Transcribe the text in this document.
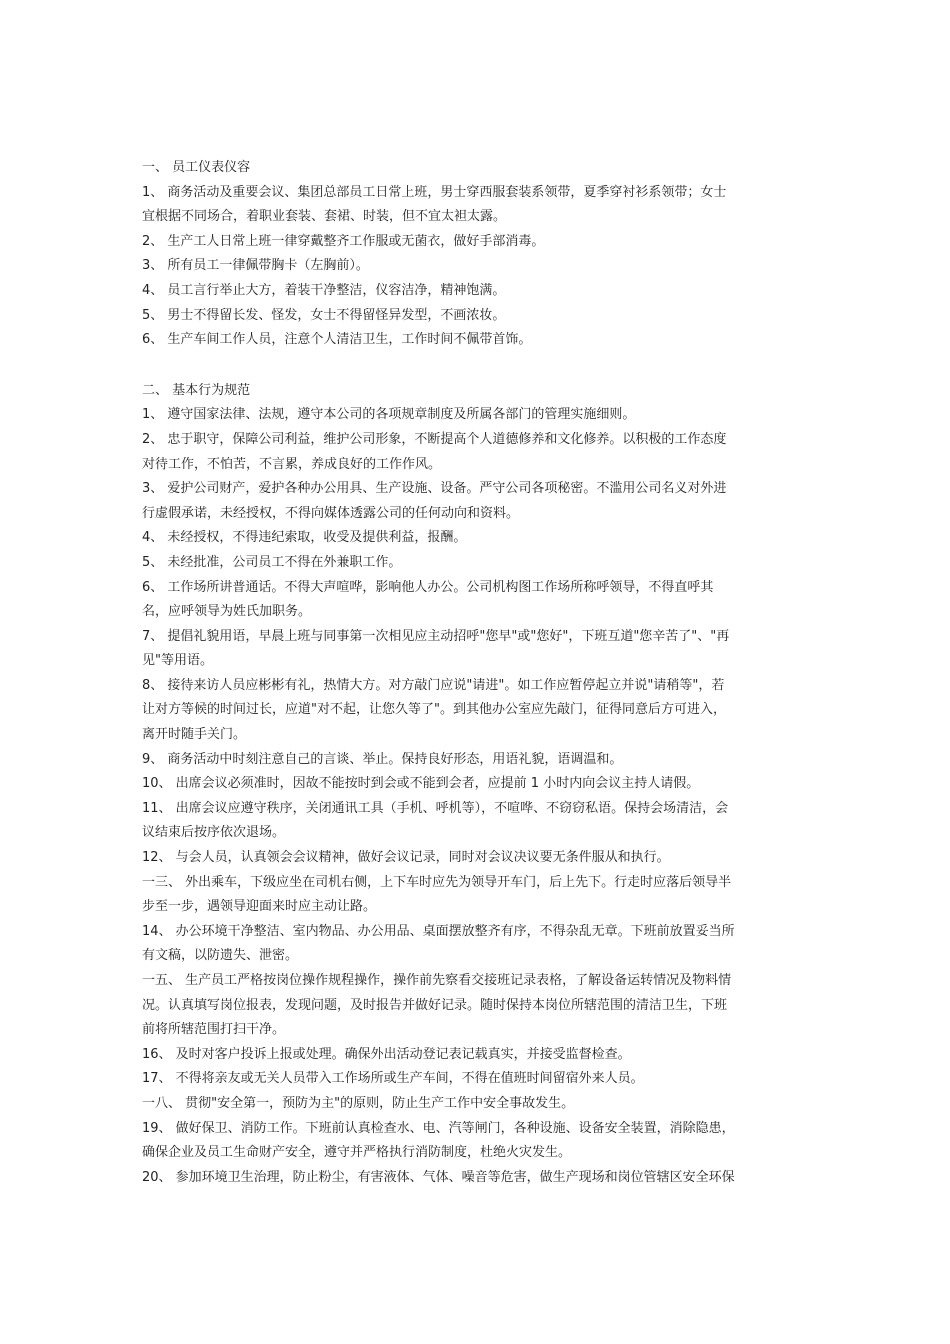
一、 员工仪表仪容
1、 商务活动及重要会议、集团总部员工日常上班，男士穿西服套装系领带，夏季穿衬衫系领带；女士
宜根据不同场合，着职业套装、套裙、时装，但不宜太袒太露。
2、 生产工人日常上班一律穿戴整齐工作服或无菌衣，做好手部消毒。
3、 所有员工一律佩带胸卡（左胸前）。
4、 员工言行举止大方，着装干净整洁，仪容洁净，精神饱满。
5、 男士不得留长发、怪发，女士不得留怪异发型，不画浓妆。
6、 生产车间工作人员，注意个人清洁卫生，工作时间不佩带首饰。
二、 基本行为规范
1、 遵守国家法律、法规，遵守本公司的各项规章制度及所属各部门的管理实施细则。
2、 忠于职守，保障公司利益，维护公司形象，不断提高个人道德修养和文化修养。以积极的工作态度
对待工作，不怕苦，不言累，养成良好的工作作风。
3、 爱护公司财产，爱护各种办公用具、生产设施、设备。严守公司各项秘密。不滥用公司名义对外进
行虚假承诺，未经授权，不得向媒体透露公司的任何动向和资料。
4、 未经授权，不得违纪索取，收受及提供利益，报酬。
5、 未经批准，公司员工不得在外兼职工作。
6、 工作场所讲普通话。不得大声喧哗，影响他人办公。公司机构图工作场所称呼领导，不得直呼其
名，应呼领导为姓氏加职务。
7、 提倡礼貌用语，早晨上班与同事第一次相见应主动招呼"您早"或"您好"，下班互道"您辛苦了"、"再
见"等用语。
8、 接待来访人员应彬彬有礼，热情大方。对方敲门应说"请进"。如工作应暂停起立并说"请稍等"，若
让对方等候的时间过长，应道"对不起，让您久等了"。到其他办公室应先敲门，征得同意后方可进入，
离开时随手关门。
9、 商务活动中时刻注意自己的言谈、举止。保持良好形态，用语礼貌，语调温和。
10、 出席会议必须准时，因故不能按时到会或不能到会者，应提前 1 小时内向会议主持人请假。
11、 出席会议应遵守秩序，关闭通讯工具（手机、呼机等），不喧哗、不窃窃私语。保持会场清洁，会
议结束后按序依次退场。
12、 与会人员，认真领会会议精神，做好会议记录，同时对会议决议要无条件服从和执行。
一三、 外出乘车，下级应坐在司机右侧，上下车时应先为领导开车门，后上先下。行走时应落后领导半
步至一步，遇领导迎面来时应主动让路。
14、 办公环境干净整洁、室内物品、办公用品、桌面摆放整齐有序，不得杂乱无章。下班前放置妥当所
有文稿，以防遗失、泄密。
一五、 生产员工严格按岗位操作规程操作，操作前先察看交接班记录表格，了解设备运转情况及物料情
况。认真填写岗位报表，发现问题，及时报告并做好记录。随时保持本岗位所辖范围的清洁卫生，下班
前将所辖范围打扫干净。
16、 及时对客户投诉上报或处理。确保外出活动登记表记载真实，并接受监督检查。
17、 不得将亲友或无关人员带入工作场所或生产车间，不得在值班时间留宿外来人员。
一八、 贯彻"安全第一，预防为主"的原则，防止生产工作中安全事故发生。
19、 做好保卫、消防工作。下班前认真检查水、电、汽等闸门，各种设施、设备安全装置，消除隐患，
确保企业及员工生命财产安全，遵守并严格执行消防制度，杜绝火灾发生。
20、 参加环境卫生治理，防止粉尘，有害液体、气体、噪音等危害，做生产现场和岗位管辖区安全环保
